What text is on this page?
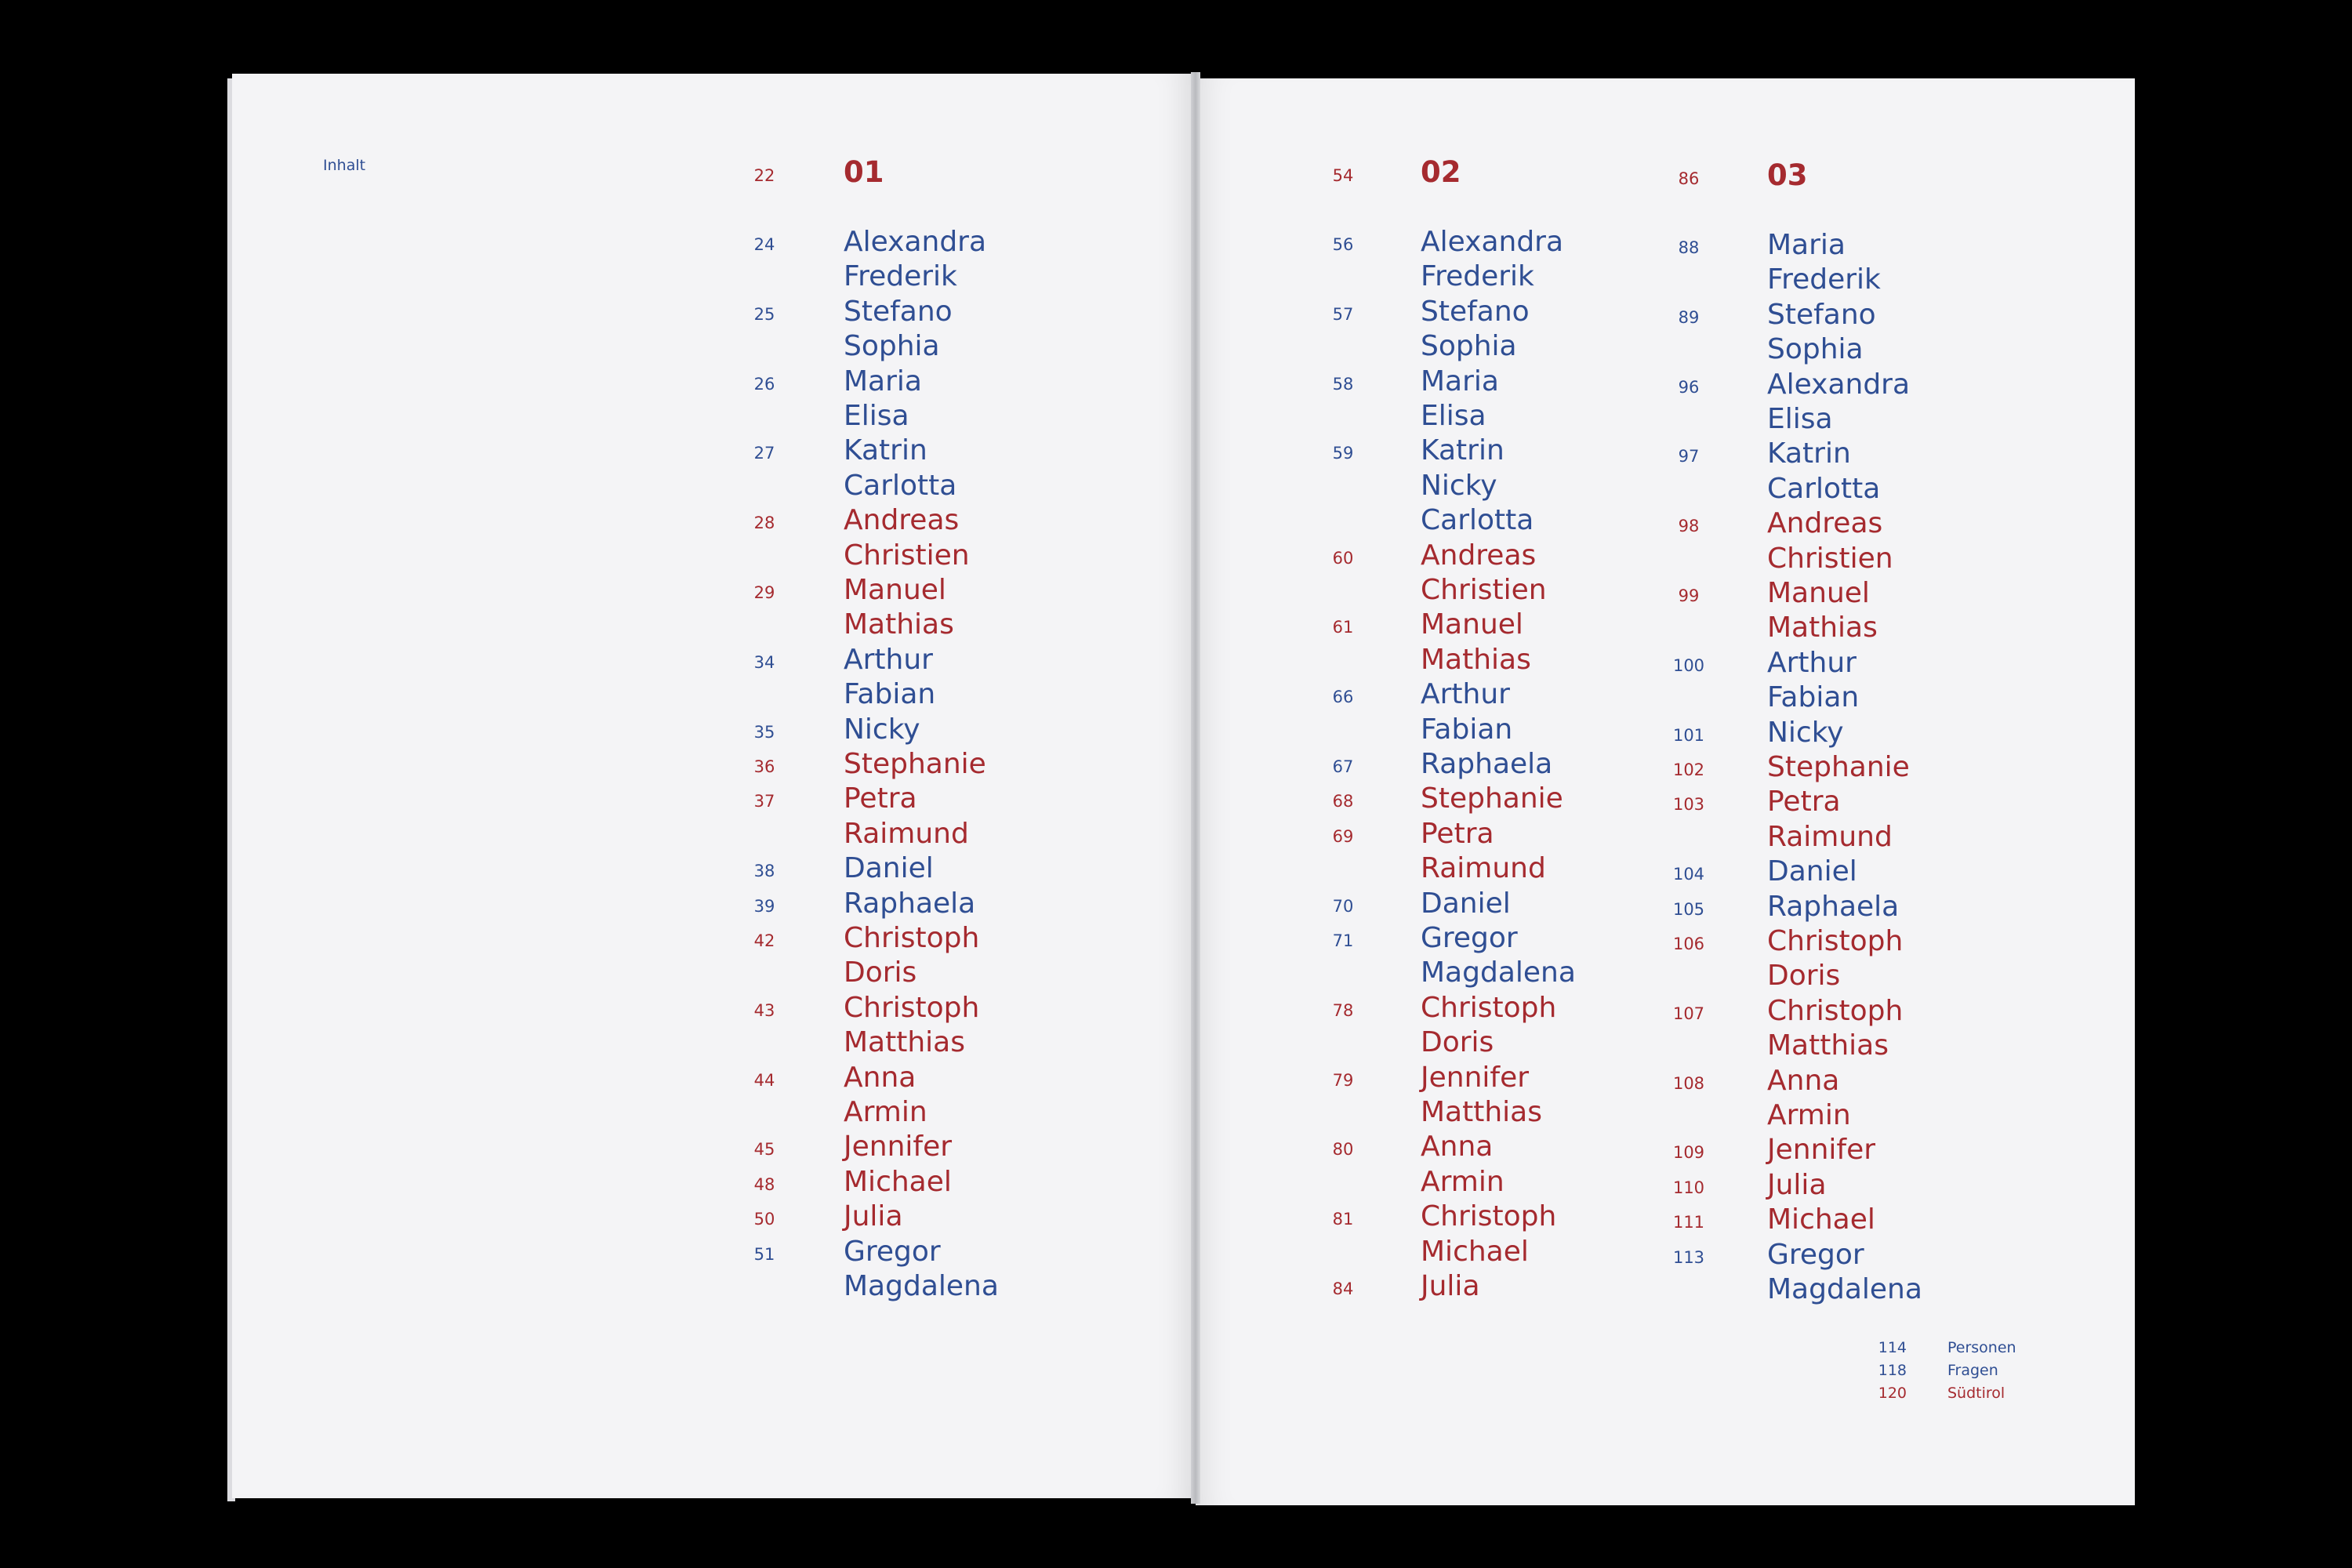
Inhalt
22	01
24	Alexandra
Frederik
25	Stefano
Sophia
26	Maria
Elisa
27	Katrin
Carlotta
28	Andreas
Christien
29	Manuel
Mathias
34	Arthur
Fabian
35	Nicky
36	Stephanie
37	Petra
Raimund
38	Daniel
39	Raphaela
42	Christoph
Doris
43	Christoph
Matthias
44	Anna
Armin
45	Jennifer
48	Michael
50	Julia
51	Gregor
Magdalena
54	02
56	Alexandra
Frederik
57	Stefano
Sophia
58	Maria
Elisa
59	Katrin
Nicky
Carlotta
60	Andreas
Christien
61	Manuel
Mathias
66	Arthur
Fabian
67	Raphaela
68	Stephanie
69	Petra
Raimund
70	Daniel
71	Gregor
Magdalena
78	Christoph
Doris
79	Jennifer
Matthias
80	Anna
Armin
81	Christoph
Michael
84	Julia
86	03
88	Maria
Frederik
89	Stefano
Sophia
96	Alexandra
Elisa
97	Katrin
Carlotta
98	Andreas
Christien
99	Manuel
Mathias
100 Arthur
Fabian
101 Nicky
102 Stephanie
103 Petra
Raimund
104 Daniel
105 Raphaela
106 Christoph
Doris
107 Christoph
Matthias
108 Anna
Armin
109 Jennifer
110 Julia
111 Michael
113 Gregor
Magdalena
114	Personen
118	Fragen
120	Südtirol
